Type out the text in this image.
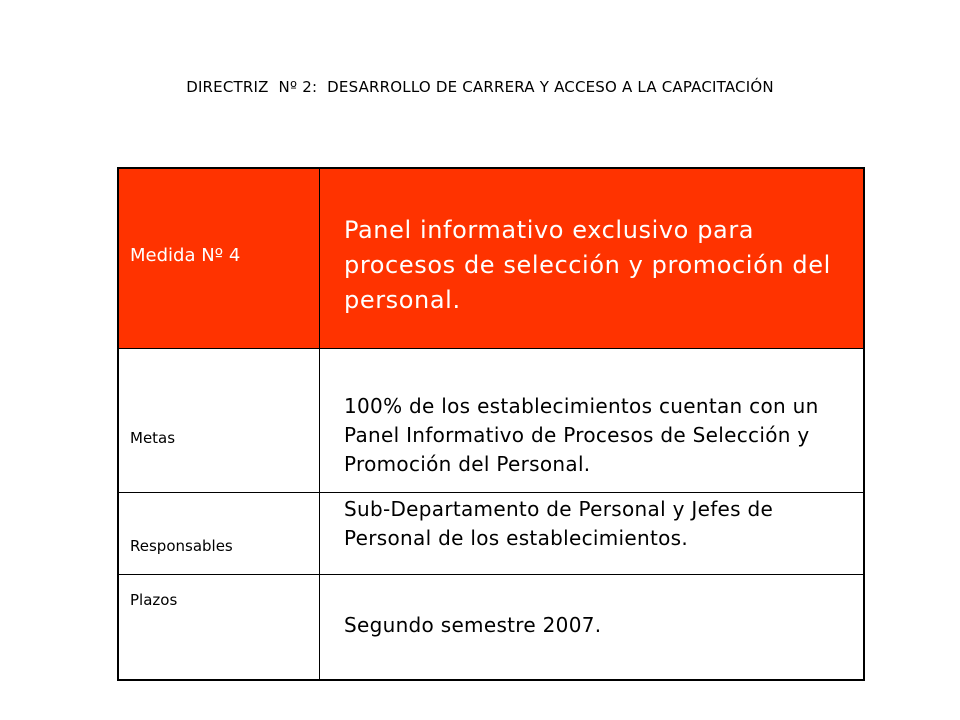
DIRECTRIZ  Nº 2:  DESARROLLO DE CARRERA Y ACCESO A LA CAPACITACIÓN
Medida Nº 4
Panel informativo exclusivo para procesos de selección y promoción del personal.
Metas
100% de los establecimientos cuentan con un Panel Informativo de Procesos de Selección y Promoción del Personal.
Responsables
Sub-Departamento de Personal y Jefes de Personal de los establecimientos.
Plazos
Segundo semestre 2007.
